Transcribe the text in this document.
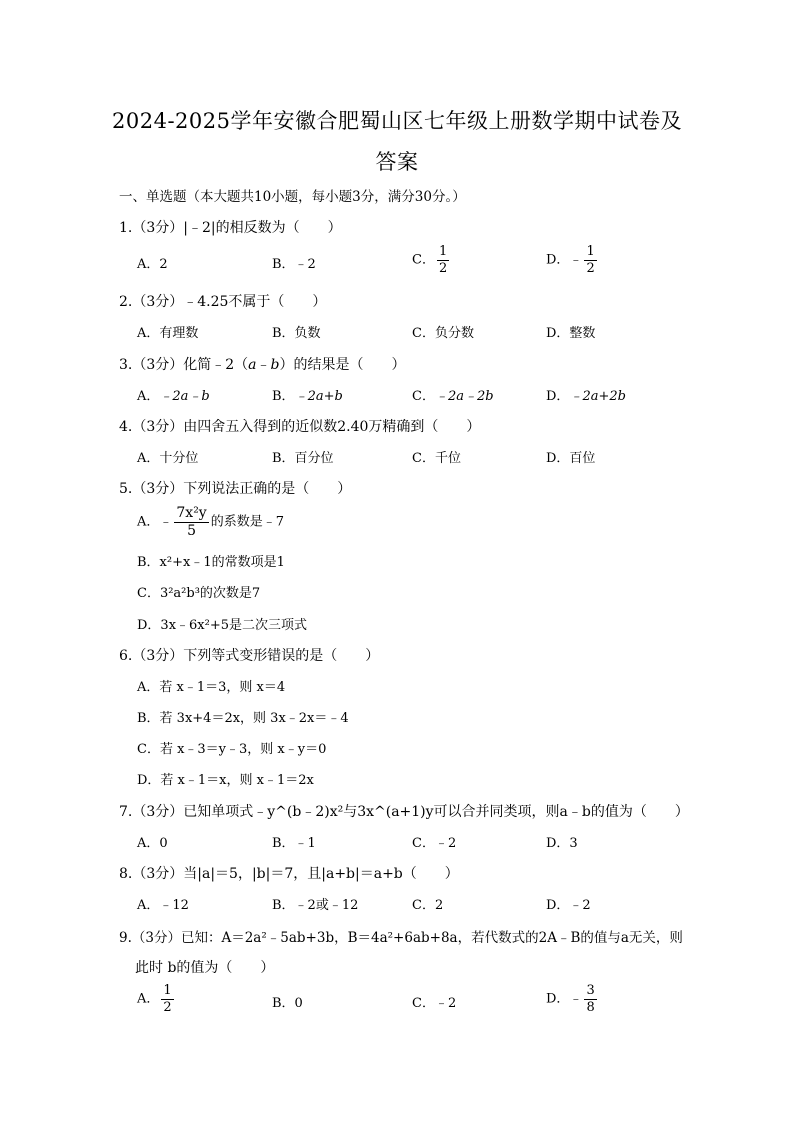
2024-2025学年安徽合肥蜀山区七年级上册数学期中试卷及
答案
一、单选题（本大题共10小题，每小题3分，满分30分。）
1.（3分）|﹣2|的相反数为（　　）
A．2	B．﹣2	C． $\frac{1}{2}$	D．﹣ $\frac{1}{2}$
2.（3分）﹣4.25不属于（　　）
A．有理数	B．负数	C．负分数	D．整数
3.（3分）化简﹣2（a﹣b）的结果是（　　）
A．﹣2a﹣b	B．﹣2a+b	C．﹣2a﹣2b	D．﹣2a+2b
4.（3分）由四舍五入得到的近似数2.40万精确到（　　）
A．十分位	B．百分位	C．千位	D．百位
5.（3分）下列说法正确的是（　　）
A．﹣ $\frac{\text{7x²y}}{5}$ 的系数是﹣7
B．x²+x﹣1的常数项是1
C．3²a²b³的次数是7
D．3x﹣6x²+5是二次三项式
6.（3分）下列等式变形错误的是（　　）
A．若 x﹣1＝3，则 x＝4
B．若 3x+4＝2x，则 3x﹣2x＝﹣4
C．若 x﹣3＝y﹣3，则 x﹣y＝0
D．若 x﹣1＝x，则 x﹣1＝2x
7.（3分）已知单项式﹣y^(b﹣2)x²与3x^(a+1)y可以合并同类项，则a﹣b的值为（　　）
A．0	B．﹣1	C．﹣2	D．3
8.（3分）当|a|＝5，|b|＝7，且|a+b|＝a+b（　　）
A．﹣12	B．﹣2或﹣12	C．2	D．﹣2
9.（3分）已知：A＝2a²﹣5ab+3b，B＝4a²+6ab+8a，若代数式的2A﹣B的值与a无关，则
此时 b的值为（　　）
A． $\frac{1}{2}$	B．0	C．﹣2	D．﹣ $\frac{3}{8}$
